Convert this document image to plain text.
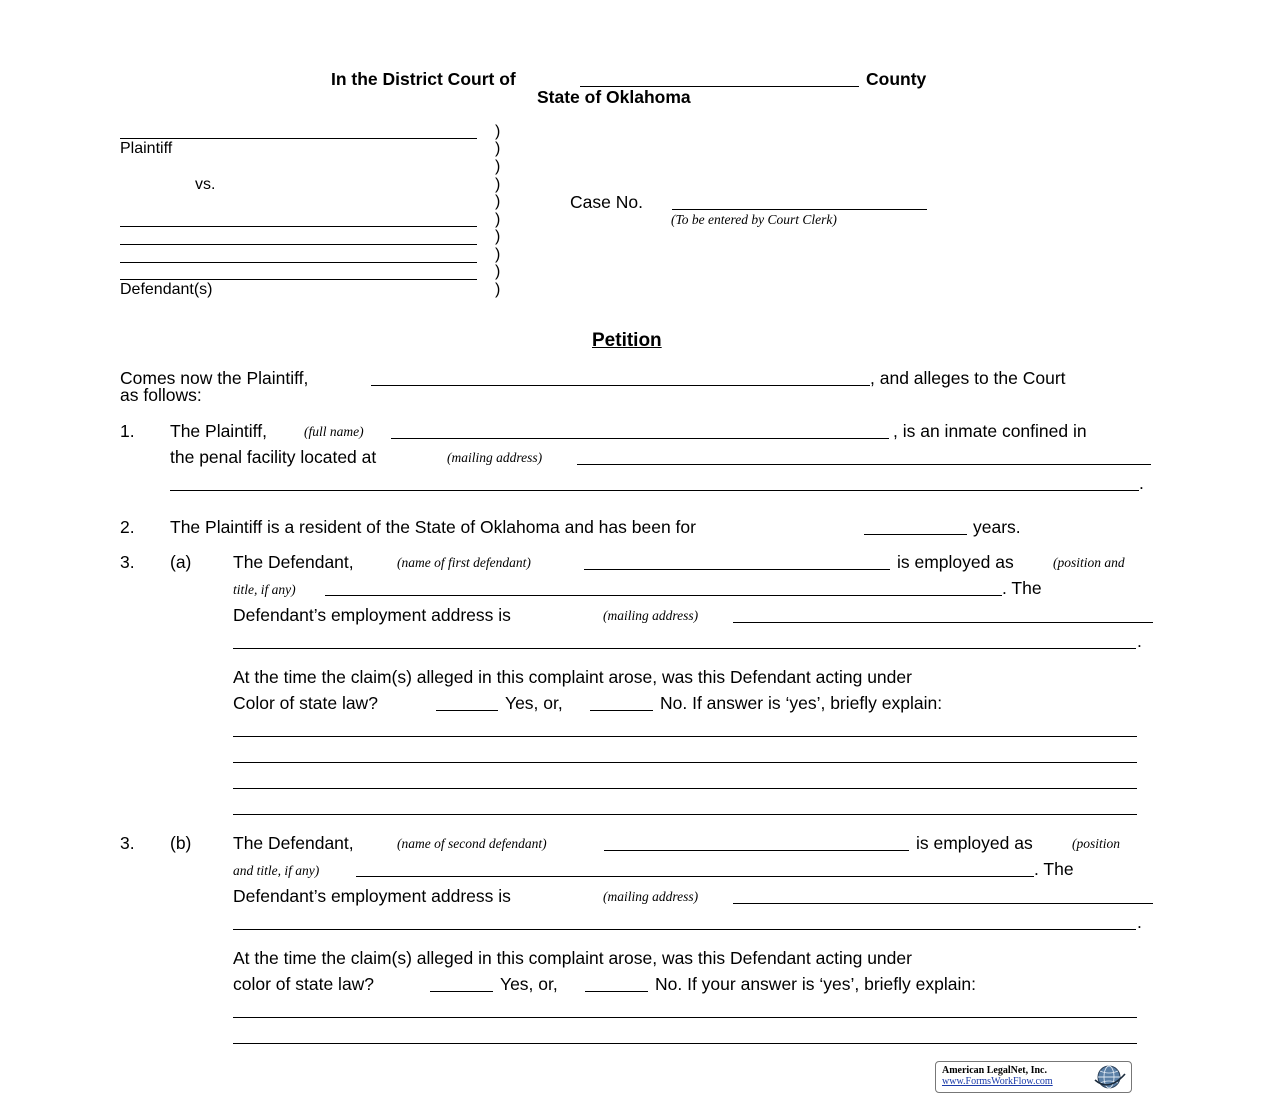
In the District Court of	County
State of Oklahoma
Plaintiff
vs.
Defendant(s)
)
)
)
)
)
)
)
)
)
)
Case No.
(To be entered by Court Clerk)
Petition
Comes now the Plaintiff,	, and alleges to the Court
as follows:
1. The Plaintiff,	(full name)	, is an inmate confined in
the penal facility located at	(mailing address)
.
2. The Plaintiff is a resident of the State of Oklahoma and has been for	years.
3. (a) The Defendant,	(name of first defendant)	is employed as	(position and
title, if any)	. The
Defendant’s employment address is	(mailing address)
.
At the time the claim(s) alleged in this complaint arose, was this Defendant acting under
Color of state law?	Yes, or,	No. If answer is ‘yes’, briefly explain:
3. (b) The Defendant,	(name of second defendant)	is employed as	(position
and title, if any)	. The
Defendant’s employment address is	(mailing address)
.
At the time the claim(s) alleged in this complaint arose, was this Defendant acting under
color of state law?	Yes, or,	No. If your answer is ‘yes’, briefly explain:
American LegalNet, Inc.
www.FormsWorkFlow.com
